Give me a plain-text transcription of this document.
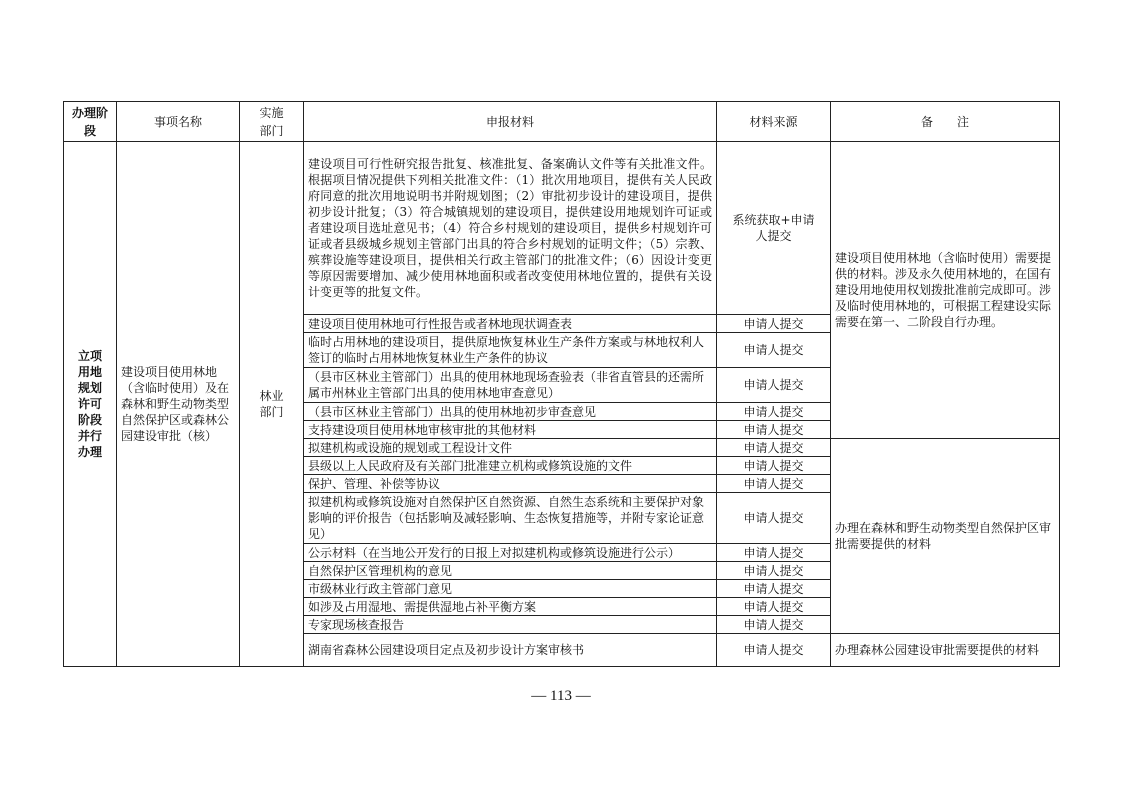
办理阶段	事项名称	实施部门	申报材料	材料来源	备　　注
立项用地规划许可阶段并行办理	建设项目使用林地（含临时使用）及在森林和野生动物类型自然保护区或森林公园建设审批（核）	林业部门	建设项目可行性研究报告批复、核准批复、备案确认文件等有关批准文件。根据项目情况提供下列相关批准文件：（1）批次用地项目，提供有关人民政府同意的批次用地说明书并附规划图；（2）审批初步设计的建设项目，提供初步设计批复；（3）符合城镇规划的建设项目，提供建设用地规划许可证或者建设项目选址意见书；（4）符合乡村规划的建设项目，提供乡村规划许可证或者县级城乡规划主管部门出具的符合乡村规划的证明文件；（5）宗教、殡葬设施等建设项目，提供相关行政主管部门的批准文件；（6）因设计变更等原因需要增加、减少使用林地面积或者改变使用林地位置的，提供有关设计变更等的批复文件。	系统获取+申请人提交	建设项目使用林地（含临时使用）需要提供的材料。涉及永久使用林地的，在国有建设用地使用权划拨批准前完成即可。涉及临时使用林地的，可根据工程建设实际需要在第一、二阶段自行办理。
			建设项目使用林地可行性报告或者林地现状调查表	申请人提交	
			临时占用林地的建设项目，提供原地恢复林业生产条件方案或与林地权利人签订的临时占用林地恢复林业生产条件的协议	申请人提交	
			（县市区林业主管部门）出具的使用林地现场查验表（非省直管县的还需所属市州林业主管部门出具的使用林地审查意见）	申请人提交	
			（县市区林业主管部门）出具的使用林地初步审查意见	申请人提交	
			支持建设项目使用林地审核审批的其他材料	申请人提交	
			拟建机构或设施的规划或工程设计文件	申请人提交	办理在森林和野生动物类型自然保护区审批需要提供的材料
			县级以上人民政府及有关部门批准建立机构或修筑设施的文件	申请人提交	
			保护、管理、补偿等协议	申请人提交	
			拟建机构或修筑设施对自然保护区自然资源、自然生态系统和主要保护对象影响的评价报告（包括影响及减轻影响、生态恢复措施等，并附专家论证意见）	申请人提交	
			公示材料（在当地公开发行的日报上对拟建机构或修筑设施进行公示）	申请人提交	
			自然保护区管理机构的意见	申请人提交	
			市级林业行政主管部门意见	申请人提交	
			如涉及占用湿地、需提供湿地占补平衡方案	申请人提交	
			专家现场核查报告	申请人提交	
			湖南省森林公园建设项目定点及初步设计方案审核书	申请人提交	办理森林公园建设审批需要提供的材料
— 113 —
